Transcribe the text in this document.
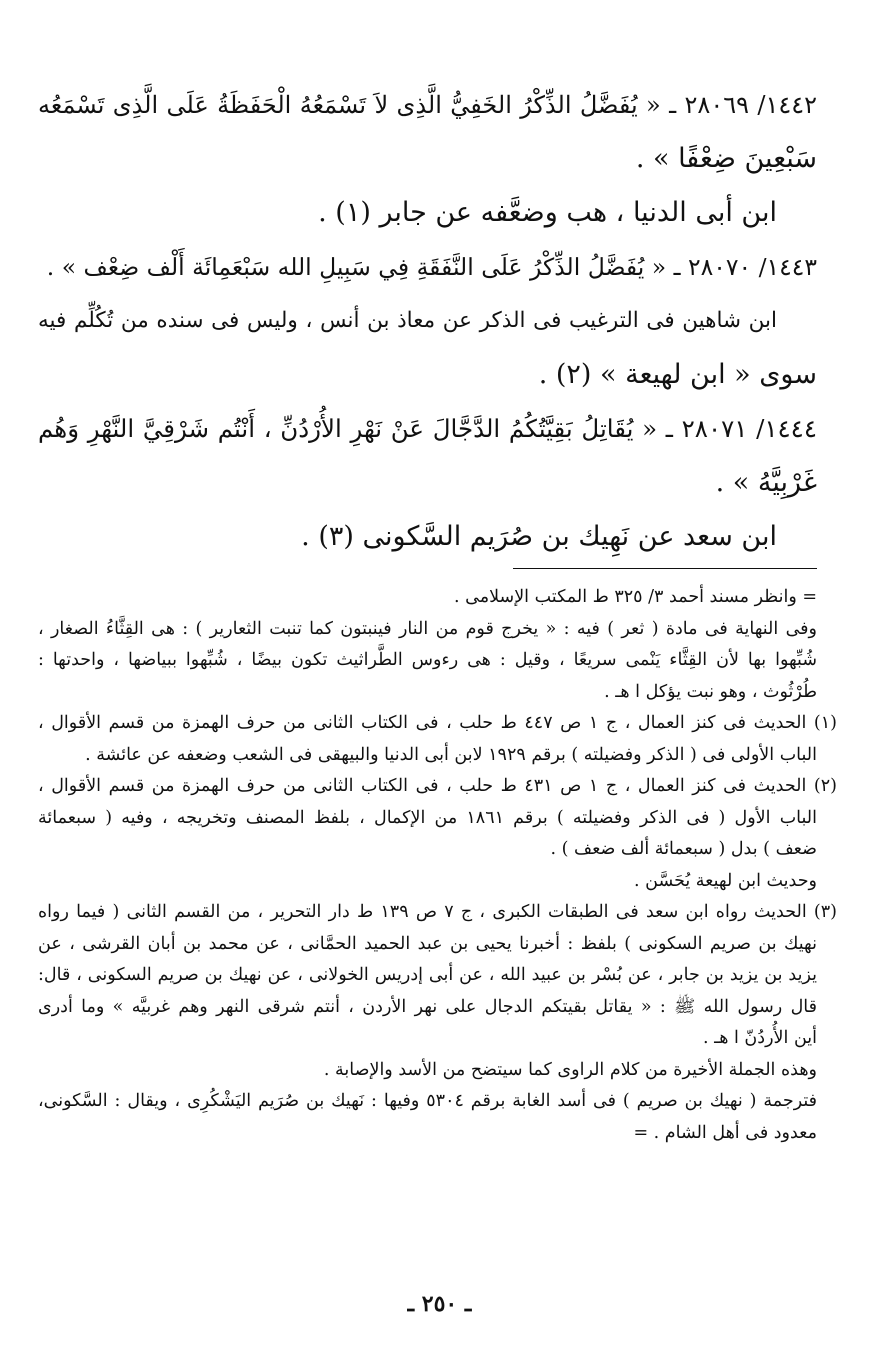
١٤٤٢/ ٢٨٠٦٩ ـ « يُفَضَّلُ الذِّكْرُ الخَفِيُّ الَّذِى لاَ تَسْمَعُهُ الْحَفَظَةُ عَلَى الَّذِى تَسْمَعُه
سَبْعِينَ ضِعْفًا » .
ابن أبى الدنيا ، هب وضعَّفه عن جابر (١) .
١٤٤٣/ ٢٨٠٧٠ ـ « يُفَضَّلُ الذِّكْرُ عَلَى النَّفَقَةِ فِي سَبِيلِ الله سَبْعَمِائَة أَلْف ضِعْف » .
ابن شاهين فى الترغيب فى الذكر عن معاذ بن أنس ، وليس فى سنده من تُكُلِّم فيه
سوى « ابن لهيعة » (٢) .
١٤٤٤/ ٢٨٠٧١ ـ « يُقَاتِلُ بَقِيَّتُكُمُ الدَّجَّالَ عَنْ نَهْرِ الأُرْدُنِّ ، أَنْتُم شَرْقِيَّ النَّهْرِ وَهُم
غَرْبِيَّهُ » .
ابن سعد عن نَهِيك بن صُرَيم السَّكونى (٣) .
= وانظر مسند أحمد ٣/ ٣٢٥ ط المكتب الإسلامى .
وفى النهاية فى مادة ( ثعر ) فيه : « يخرج قوم من النار فينبتون كما تنبت الثعارير ) : هى القِثَّاءُ الصغار ،
شُبِّهوا بها لأن القِثَّاء يَنْمى سريعًا ، وقيل : هى رءوس الطَّراثيث تكون بيضًا ، شُبِّهوا ببياضها ، واحدتها :
طُرْثُوث ، وهو نبت يؤكل ا هـ .
(١) الحديث فى كنز العمال ، ج ١ ص ٤٤٧ ط حلب ، فى الكتاب الثانى من حرف الهمزة من قسم الأقوال ،
الباب الأولى فى ( الذكر وفضيلته ) برقم ١٩٢٩ لابن أبى الدنيا والبيهقى فى الشعب وضعفه عن عائشة .
(٢) الحديث فى كنز العمال ، ج ١ ص ٤٣١ ط حلب ، فى الكتاب الثانى من حرف الهمزة من قسم الأقوال ،
الباب الأول ( فى الذكر وفضيلته ) برقم ١٨٦١ من الإكمال ، بلفظ المصنف وتخريجه ، وفيه ( سبعمائة
ضعف ) بدل ( سبعمائة ألف ضعف ) .
وحديث ابن لهيعة يُحَسَّن .
(٣) الحديث رواه ابن سعد فى الطبقات الكبرى ، ج ٧ ص ١٣٩ ط دار التحرير ، من القسم الثانى ( فيما رواه
نهيك بن صريم السكونى ) بلفظ : أخبرنا يحيى بن عبد الحميد الحمَّانى ، عن محمد بن أبان القرشى ، عن
يزيد بن يزيد بن جابر ، عن بُسْر بن عبيد الله ، عن أبى إدريس الخولانى ، عن نهيك بن صريم السكونى ، قال:
قال رسول الله ﷺ : « يقاتل بقيتكم الدجال على نهر الأردن ، أنتم شرقى النهر وهم غربيَّه » وما أدرى
أين الأُردُنّ ا هـ .
وهذه الجملة الأخيرة من كلام الراوى كما سيتضح من الأسد والإصابة .
فترجمة ( نهيك بن صريم ) فى أسد الغابة برقم ٥٣٠٤ وفيها : نَهيك بن صُرَيم اليَشْكُرِى ، ويقال : السَّكونى،
معدود فى أهل الشام . =
ـ ٢٥٠ ـ
